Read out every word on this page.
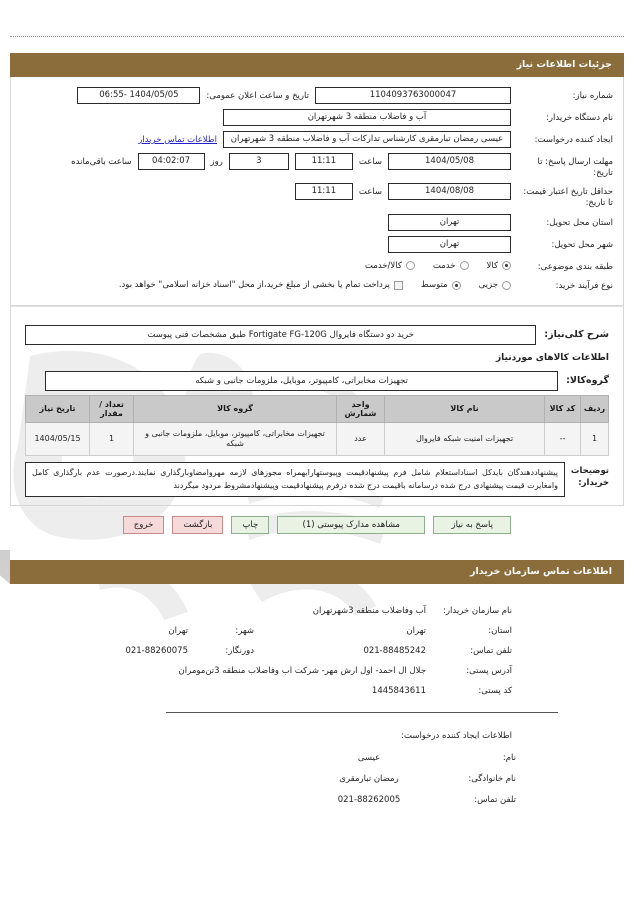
جزئیات اطلاعات نیاز
شماره نیاز:
1104093763000047
تاریخ و ساعت اعلان عمومی:
1404/05/05 -06:55
نام دستگاه خریدار:
آب و فاضلاب منطقه 3 شهرتهران
ایجاد کننده درخواست:
عیسی رمضان تبارمقری کارشناس تدارکات آب و فاضلاب منطقه 3 شهرتهران
اطلاعات تماس خریدار
مهلت ارسال پاسخ: تا تاریخ:
1404/05/08
ساعت
11:11
3
روز
04:02:07
ساعت باقی‌مانده
حداقل تاریخ اعتبار قیمت: تا تاریخ:
1404/08/08
ساعت
11:11
استان محل تحویل:
تهران
شهر محل تحویل:
تهران
طبقه بندی موضوعی:
کالا
خدمت
کالا/خدمت
نوع فرآیند خرید:
جزیی
متوسط
پرداخت تمام یا بخشی از مبلغ خرید،از محل "اسناد خزانه اسلامی" خواهد بود.
شرح کلی‌نیاز:
خرید دو دستگاه فایروال Fortigate FG-120G طبق مشخصات فنی پیوست
اطلاعات کالاهای موردنیاز
گروه‌کالا:
تجهیزات مخابراتی، کامپیوتر، موبایل، ملزومات جانبی و شبکه
ردیف	کد کالا	نام کالا	واحد شمارش	گروه کالا	تعداد / مقدار	تاریخ نیاز
1	--	تجهیزات امنیت شبکه فایروال	عدد	تجهیزات مخابراتی، کامپیوتر، موبایل، ملزومات جانبی و شبکه	1	1404/05/15
توضیحات خریدار:
پیشنهاددهندگان بایدکل اسناداستعلام شامل فرم پیشنهادقیمت وپیوستهارابهمراه مجوزهای لازمه مهروامضاوبارگذاری نمایند.درصورت عدم بارگذاری کامل وامغایرت قیمت پیشنهادی درج شده درسامانه باقیمت درج شده درفرم پیشنهادقیمت وپیشنهادمشروط مردود میگردند
پاسخ به نیاز
مشاهده مدارک پیوستی (1)
چاپ
بازگشت
خروج
اطلاعات تماس سازمان خریدار
نام سازمان خریدار:
آب وفاضلاب منطقه 3شهرتهران
استان:
تهران
شهر:
تهران
تلفن تماس:
021-88485242
دورنگار:
021-88260075
آدرس پستی:
جلال ال احمد- اول ارش مهر- شرکت اب وفاضلاب منطقه 3تن‌مو‌مران
کد پستی:
1445843611
اطلاعات ایجاد کننده درخواست:
نام:
عیسی
نام خانوادگی:
رمضان تبارمقری
تلفن تماس:
021-88262005
